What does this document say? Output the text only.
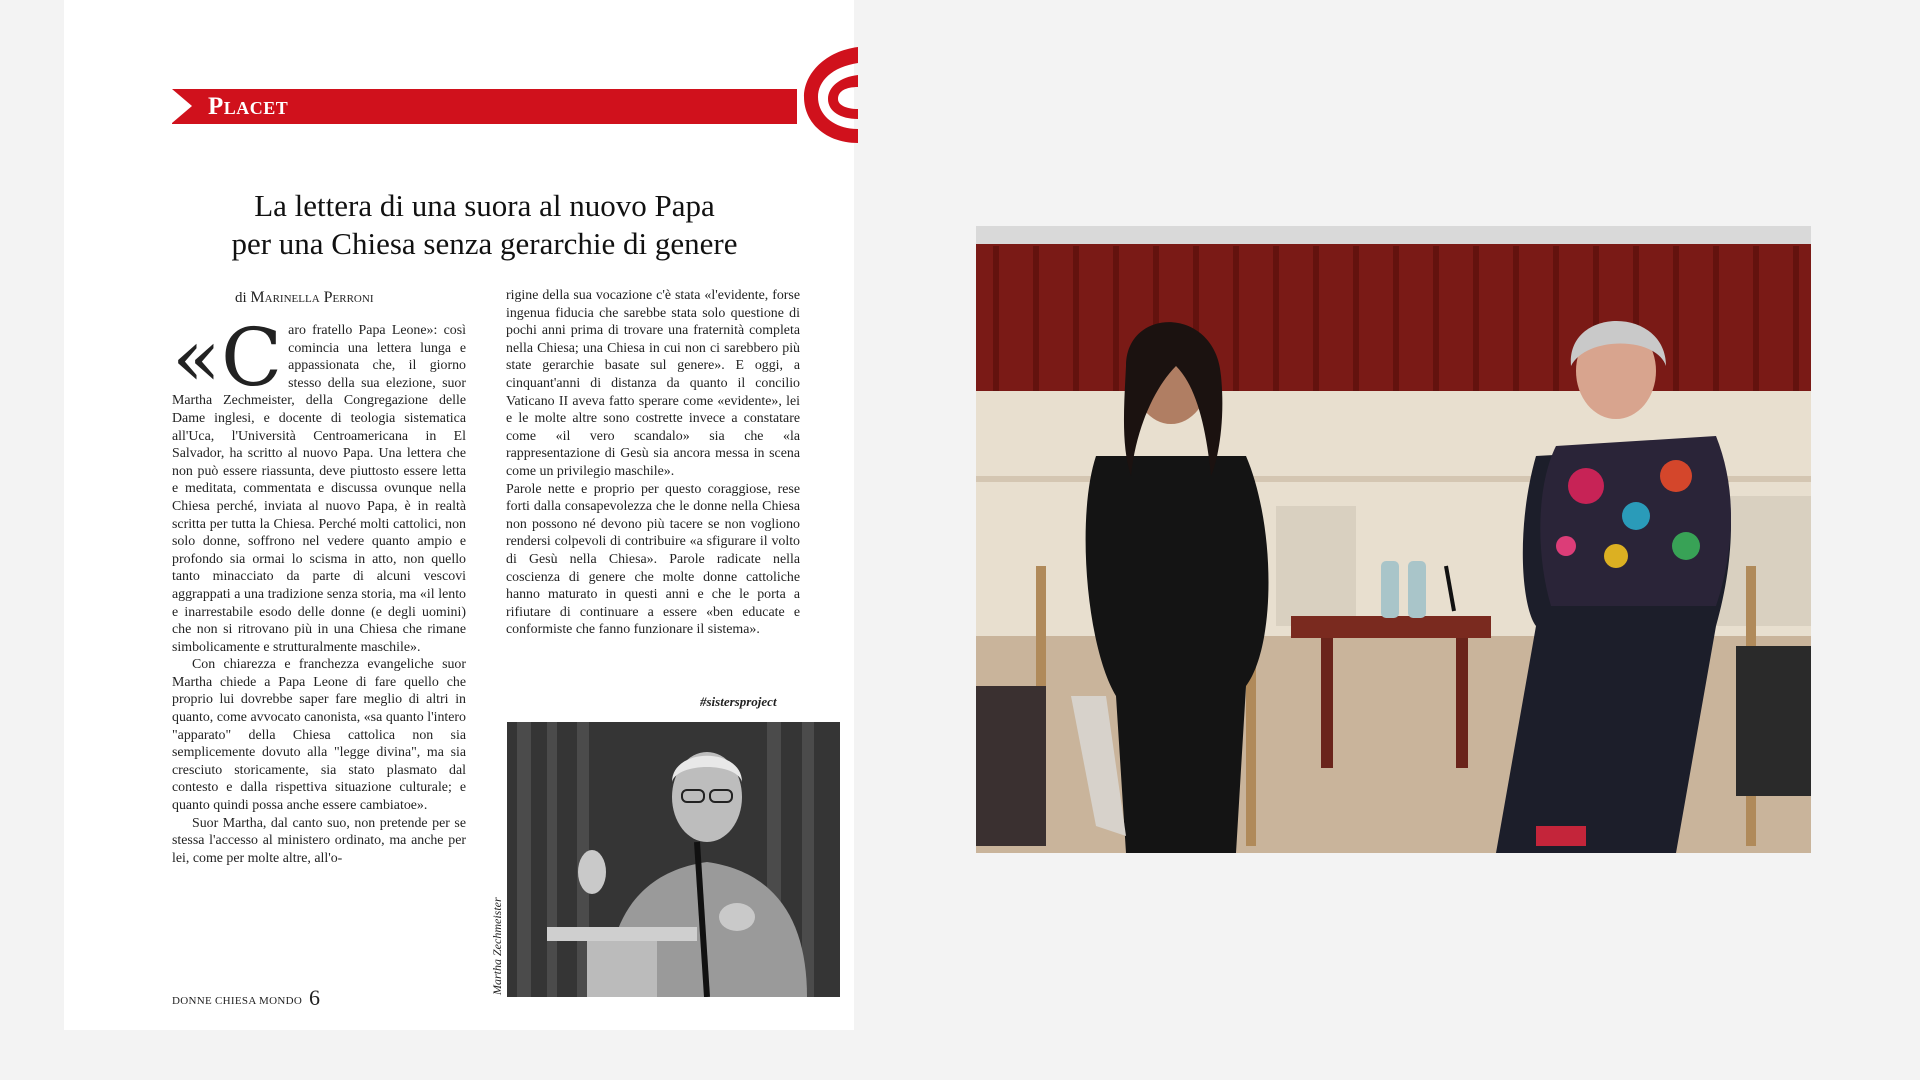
Placet
La lettera di una suora al nuovo Papa
per una Chiesa senza gerarchie di genere
di Marinella Perroni

«Caro fratello Papa Leone»: così comincia una lettera lunga e appassionata che, il giorno stesso della sua elezione, suor Martha Zechmeister, della Congregazione delle Dame inglesi, e docente di teologia sistematica all'Uca, l'Università Centroamericana in El Salvador, ha scritto al nuovo Papa. Una lettera che non può essere riassunta, deve piuttosto essere letta e meditata, commentata e discussa ovunque nella Chiesa perché, inviata al nuovo Papa, è in realtà scritta per tutta la Chiesa. Perché molti cattolici, non solo donne, soffrono nel vedere quanto ampio e profondo sia ormai lo scisma in atto, non quello tanto minacciato da parte di alcuni vescovi aggrappati a una tradizione senza storia, ma «il lento e inarrestabile esodo delle donne (e degli uomini) che non si ritrovano più in una Chiesa che rimane simbolicamente e strutturalmente maschile».

Con chiarezza e franchezza evangeliche suor Martha chiede a Papa Leone di fare quello che proprio lui dovrebbe saper fare meglio di altri in quanto, come avvocato canonista, «sa quanto l'intero "apparato" della Chiesa cattolica non sia semplicemente dovuto alla "legge divina", ma sia cresciuto storicamente, sia stato plasmato dal contesto e dalla rispettiva situazione culturale; e quanto quindi possa anche essere cambiatoe».

Suor Martha, dal canto suo, non pretende per se stessa l'accesso al ministero ordinato, ma anche per lei, come per molte altre, all'o-

rigine della sua vocazione c'è stata «l'evidente, forse ingenua fiducia che sarebbe stata solo questione di pochi anni prima di trovare una fraternità completa nella Chiesa; una Chiesa in cui non ci sarebbero più state gerarchie basate sul genere». E oggi, a cinquant'anni di distanza da quanto il concilio Vaticano II aveva fatto sperare come «evidente», lei e le molte altre sono costrette invece a constatare come «il vero scandalo» sia che «la rappresentazione di Gesù sia ancora messa in scena come un privilegio maschile».

Parole nette e proprio per questo coraggiose, rese forti dalla consapevolezza che le donne nella Chiesa non possono né devono più tacere se non vogliono rendersi colpevoli di contribuire «a sfigurare il volto di Gesù nella Chiesa». Parole radicate nella coscienza di genere che molte donne cattoliche hanno maturato in questi anni e che le porta a rifiutare di continuare a essere «ben educate e conformiste che fanno funzionare il sistema».

#sistersproject
Martha Zechmeister
DONNE CHIESA MONDO 6
